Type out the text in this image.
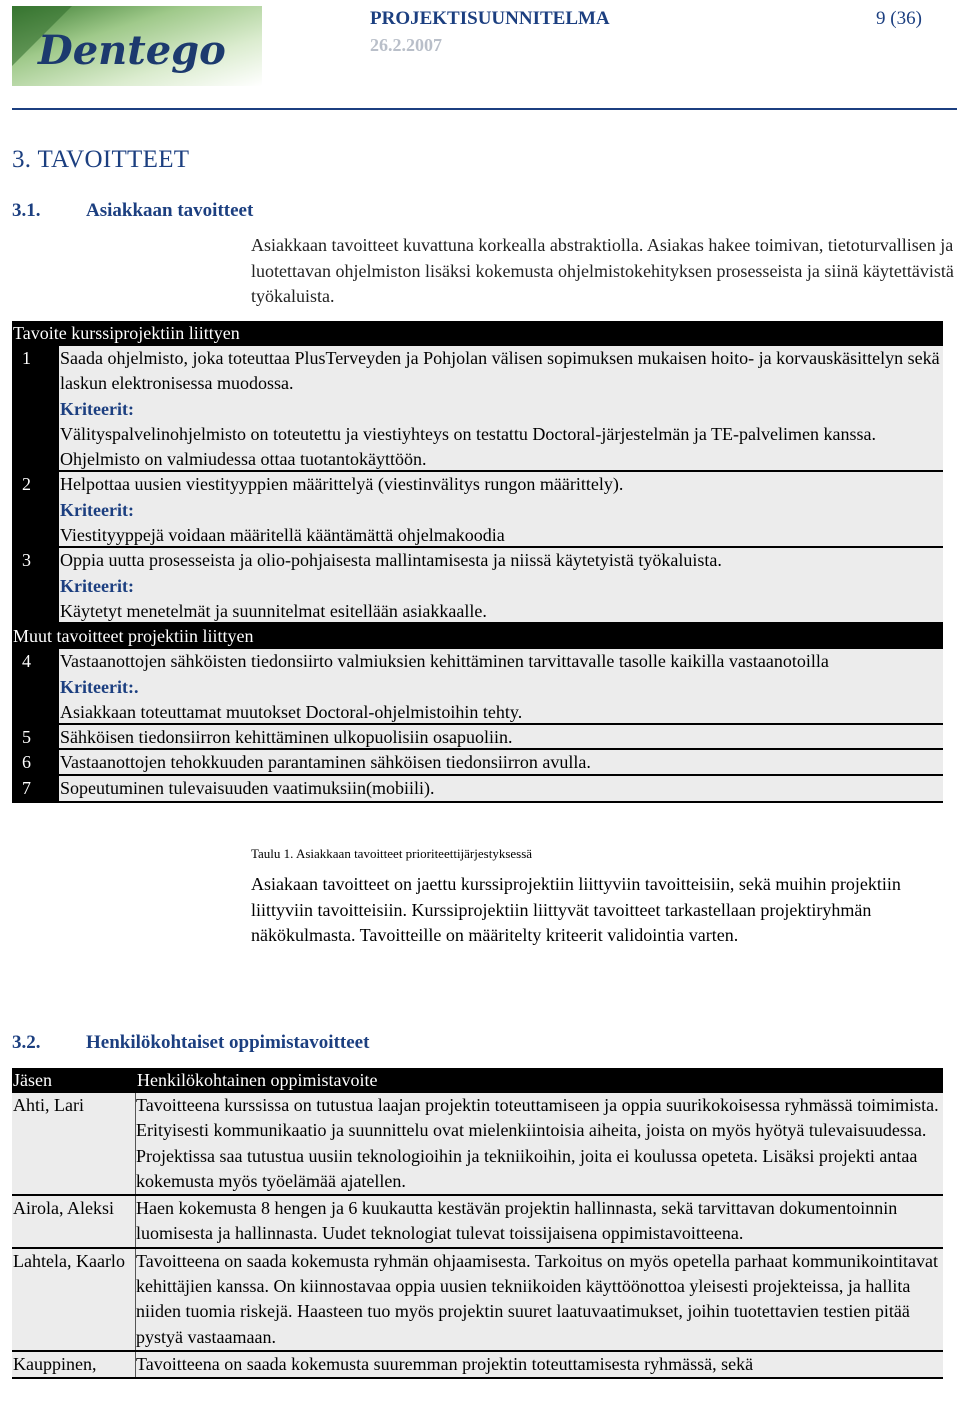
Dentego
PROJEKTISUUNNITELMA	9 (36)
26.2.2007
3. TAVOITTEET
3.1. Asiakkaan tavoitteet
Asiakkaan tavoitteet kuvattuna korkealla abstraktiolla. Asiakas hakee toimivan, tietoturvallisen ja luotettavan ohjelmiston lisäksi kokemusta ohjelmistokehityksen prosesseista ja siinä käytettävistä työkaluista.
Tavoite kurssiprojektiin liittyen
1	Saada ohjelmisto, joka toteuttaa PlusTerveyden ja Pohjolan välisen sopimuksen mukaisen hoito- ja korvauskäsittelyn sekä laskun elektronisessa muodossa.
Kriteerit:
Välityspalvelinohjelmisto on toteutettu ja viestiyhteys on testattu Doctoral-järjestelmän ja TE-palvelimen kanssa. Ohjelmisto on valmiudessa ottaa tuotantokäyttöön.
2	Helpottaa uusien viestityyppien määrittelyä (viestinvälitys rungon määrittely).
Kriteerit:
Viestityyppejä voidaan määritellä kääntämättä ohjelmakoodia
3	Oppia uutta prosesseista ja olio-pohjaisesta mallintamisesta ja niissä käytetyistä työkaluista.
Kriteerit:
Käytetyt menetelmät ja suunnitelmat esitellään asiakkaalle.
Muut tavoitteet projektiin liittyen
4	Vastaanottojen sähköisten tiedonsiirto valmiuksien kehittäminen tarvittavalle tasolle kaikilla vastaanotoilla
Kriteerit:.
Asiakkaan toteuttamat muutokset Doctoral-ohjelmistoihin tehty.
5	Sähköisen tiedonsiirron kehittäminen ulkopuolisiin osapuoliin.
6	Vastaanottojen tehokkuuden parantaminen sähköisen tiedonsiirron avulla.
7	Sopeutuminen tulevaisuuden vaatimuksiin(mobiili).
Taulu 1. Asiakkaan tavoitteet prioriteettijärjestyksessä
Asiakaan tavoitteet on jaettu kurssiprojektiin liittyviin tavoitteisiin, sekä muihin projektiin liittyviin tavoitteisiin. Kurssiprojektiin liittyvät tavoitteet tarkastellaan projektiryhmän näkökulmasta. Tavoitteille on määritelty kriteerit validointia varten.
3.2. Henkilökohtaiset oppimistavoitteet
Jäsen	Henkilökohtainen oppimistavoite
Ahti, Lari	Tavoitteena kurssissa on tutustua laajan projektin toteuttamiseen ja oppia suurikokoisessa ryhmässä toimimista. Erityisesti kommunikaatio ja suunnittelu ovat mielenkiintoisia aiheita, joista on myös hyötyä tulevaisuudessa. Projektissa saa tutustua uusiin teknologioihin ja tekniikoihin, joita ei koulussa opeteta. Lisäksi projekti antaa kokemusta myös työelämää ajatellen.
Airola, Aleksi	Haen kokemusta 8 hengen ja 6 kuukautta kestävän projektin hallinnasta, sekä tarvittavan dokumentoinnin luomisesta ja hallinnasta. Uudet teknologiat tulevat toissijaisena oppimistavoitteena.
Lahtela, Kaarlo Tavoitteena on saada kokemusta ryhmän ohjaamisesta. Tarkoitus on myös opetella parhaat kommunikointitavat kehittäjien kanssa. On kiinnostavaa oppia uusien tekniikoiden käyttöönottoa yleisesti projekteissa, ja hallita niiden tuomia riskejä. Haasteen tuo myös projektin suuret laatuvaatimukset, joihin tuotettavien testien pitää pystyä vastaamaan.
Kauppinen,	Tavoitteena on saada kokemusta suuremman projektin toteuttamisesta ryhmässä, sekä
